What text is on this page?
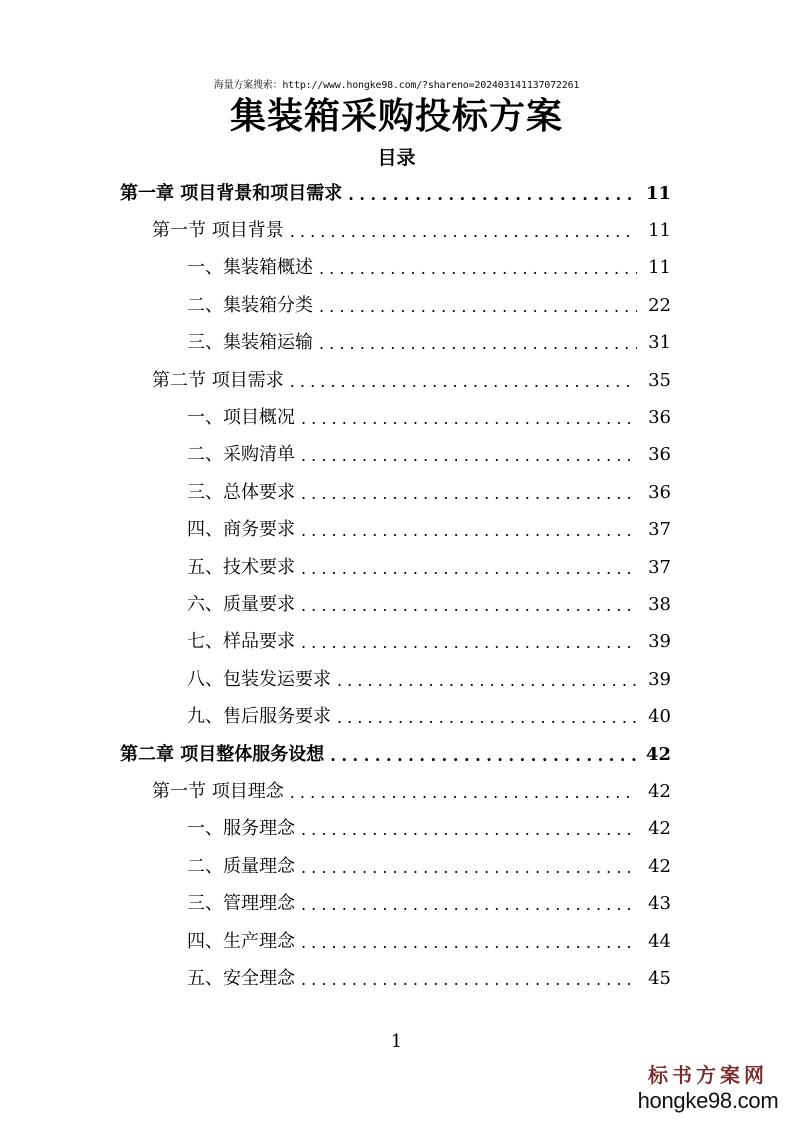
海量方案搜索：http://www.hongke98.com/?shareno=202403141137072261
集装箱采购投标方案
目录
第一章 项目背景和项目需求 . . .	11
第一节 项目背景 . . .	11
一、集装箱概述 . . .	11
二、集装箱分类 . . .	22
三、集装箱运输 . . .	31
第二节 项目需求 . . .	35
一、项目概况 . . .	36
二、采购清单 . . .	36
三、总体要求 . . .	36
四、商务要求 . . .	37
五、技术要求 . . .	37
六、质量要求 . . .	38
七、样品要求 . . .	39
八、包装发运要求 . . .	39
九、售后服务要求 . . .	40
第二章 项目整体服务设想 . . .	42
第一节 项目理念 . . .	42
一、服务理念 . . .	42
二、质量理念 . . .	42
三、管理理念 . . .	43
四、生产理念 . . .	44
五、安全理念 . . .	45
1
标书方案网
hongke98.com
